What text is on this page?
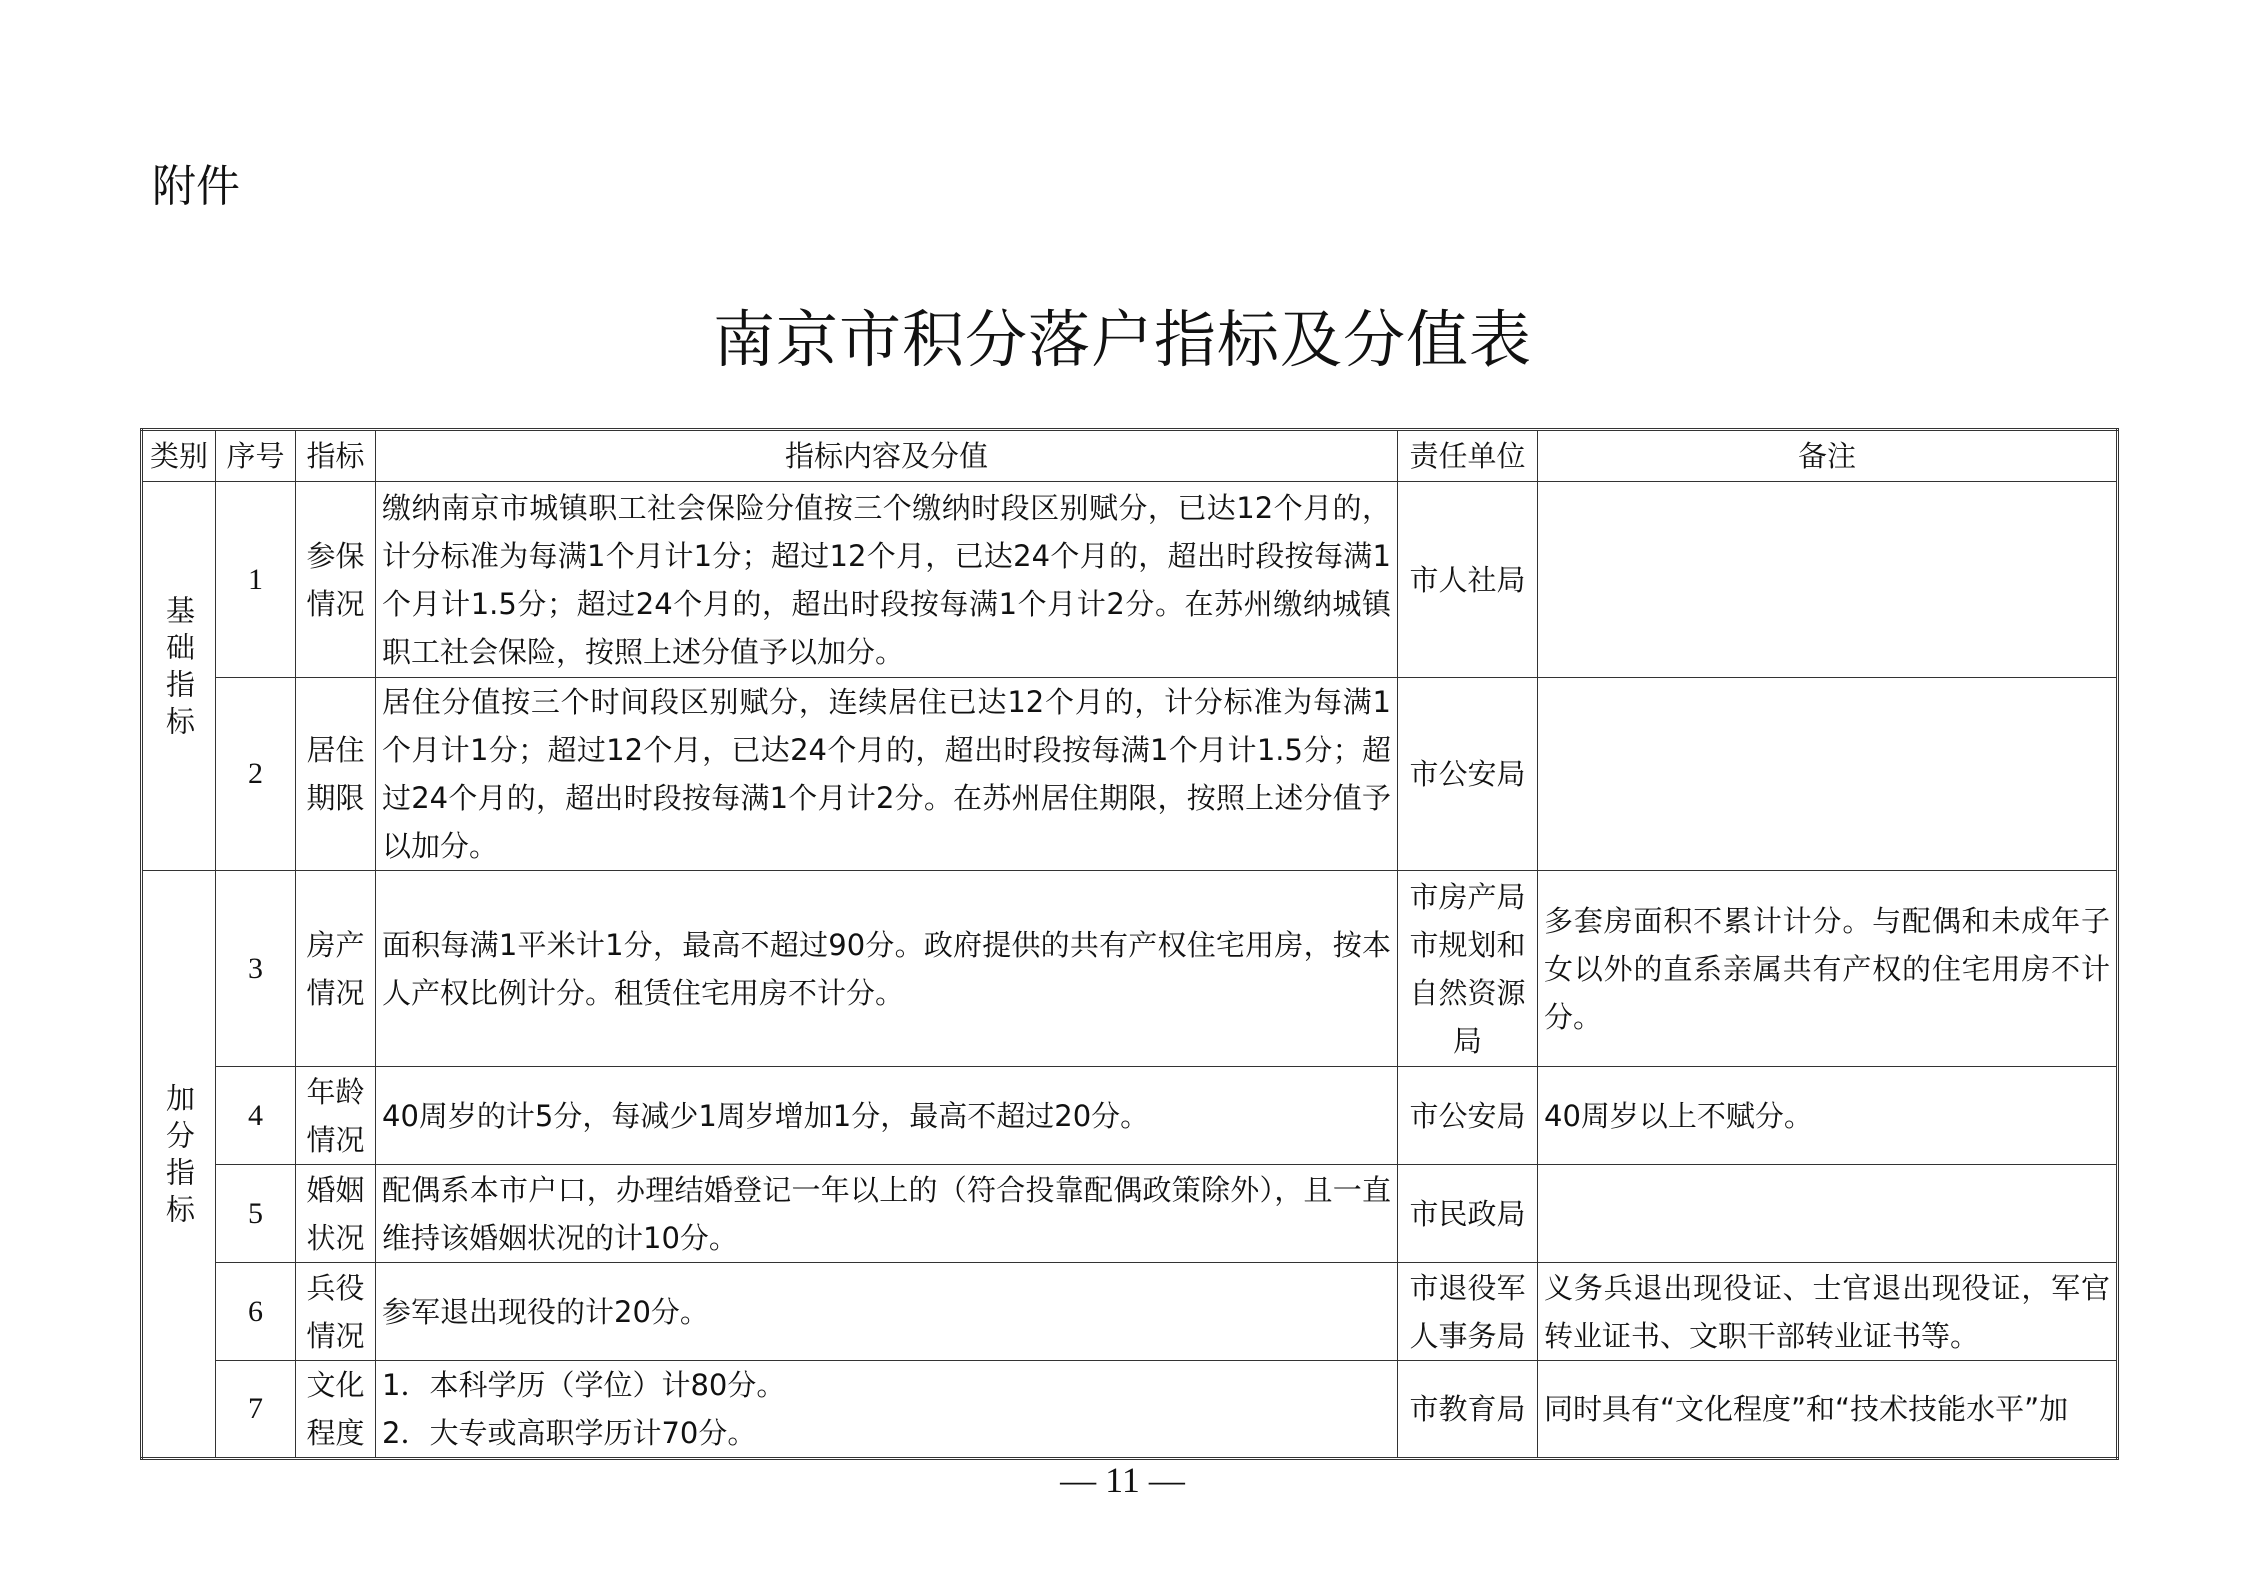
附件
南京市积分落户指标及分值表
类别	序号	指标	指标内容及分值	责任单位	备注
基础指标	1	参保情况	缴纳南京市城镇职工社会保险分值按三个缴纳时段区别赋分，已达12个月的，计分标准为每满1个月计1分；超过12个月，已达24个月的，超出时段按每满1个月计1.5分；超过24个月的，超出时段按每满1个月计2分。在苏州缴纳城镇职工社会保险，按照上述分值予以加分。	市人社局	
	2	居住期限	居住分值按三个时间段区别赋分，连续居住已达12个月的，计分标准为每满1个月计1分；超过12个月，已达24个月的，超出时段按每满1个月计1.5分；超过24个月的，超出时段按每满1个月计2分。在苏州居住期限，按照上述分值予以加分。	市公安局	
加分指标	3	房产情况	面积每满1平米计1分，最高不超过90分。政府提供的共有产权住宅用房，按本人产权比例计分。租赁住宅用房不计分。	市房产局 市规划和自然资源局	多套房面积不累计计分。与配偶和未成年子女以外的直系亲属共有产权的住宅用房不计分。
	4	年龄情况	40周岁的计5分，每减少1周岁增加1分，最高不超过20分。	市公安局	40周岁以上不赋分。
	5	婚姻状况	配偶系本市户口，办理结婚登记一年以上的（符合投靠配偶政策除外），且一直维持该婚姻状况的计10分。	市民政局	
	6	兵役情况	参军退出现役的计20分。	市退役军人事务局	义务兵退出现役证、士官退出现役证，军官转业证书、文职干部转业证书等。
	7	文化程度	1．本科学历（学位）计80分。
2．大专或高职学历计70分。	市教育局	同时具有“文化程度”和“技术技能水平”加
— 11 —
